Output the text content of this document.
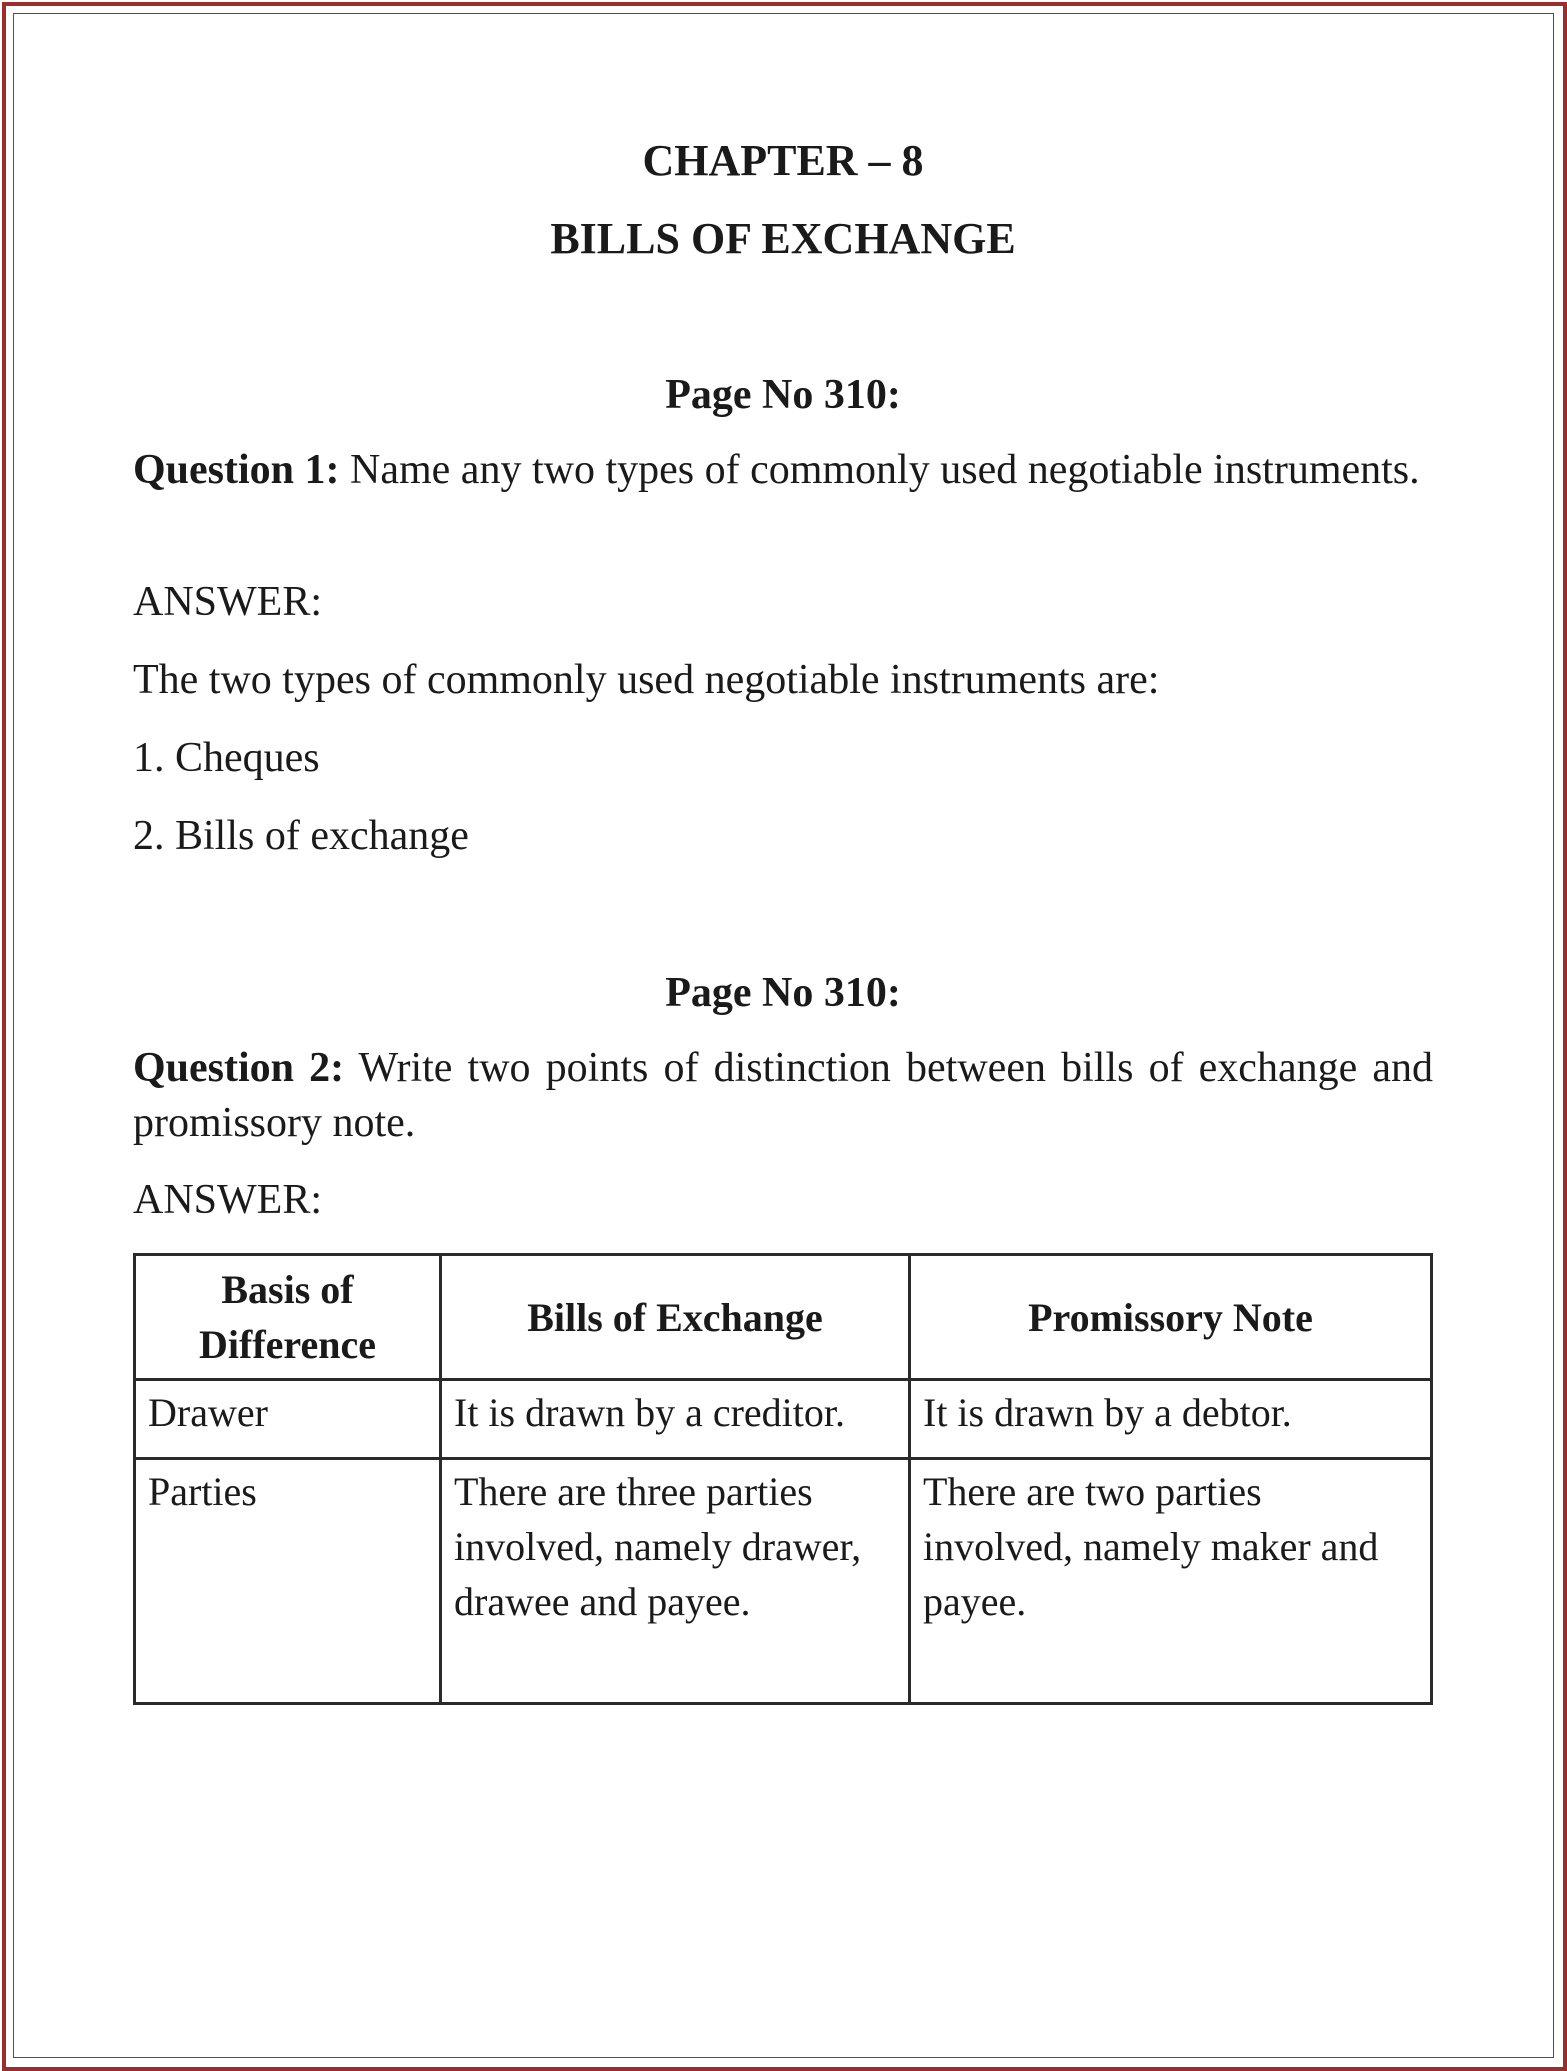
CHAPTER – 8
BILLS OF EXCHANGE
Page No 310:
Question 1: Name any two types of commonly used negotiable instruments.
ANSWER:
The two types of commonly used negotiable instruments are:
1. Cheques
2. Bills of exchange
Page No 310:
Question 2: Write two points of distinction between bills of exchange and promissory note.
ANSWER:
Basis of Difference	Bills of Exchange	Promissory Note
Drawer	It is drawn by a creditor.	It is drawn by a debtor.
Parties	There are three parties involved, namely drawer, drawee and payee.	There are two parties involved, namely maker and payee.
